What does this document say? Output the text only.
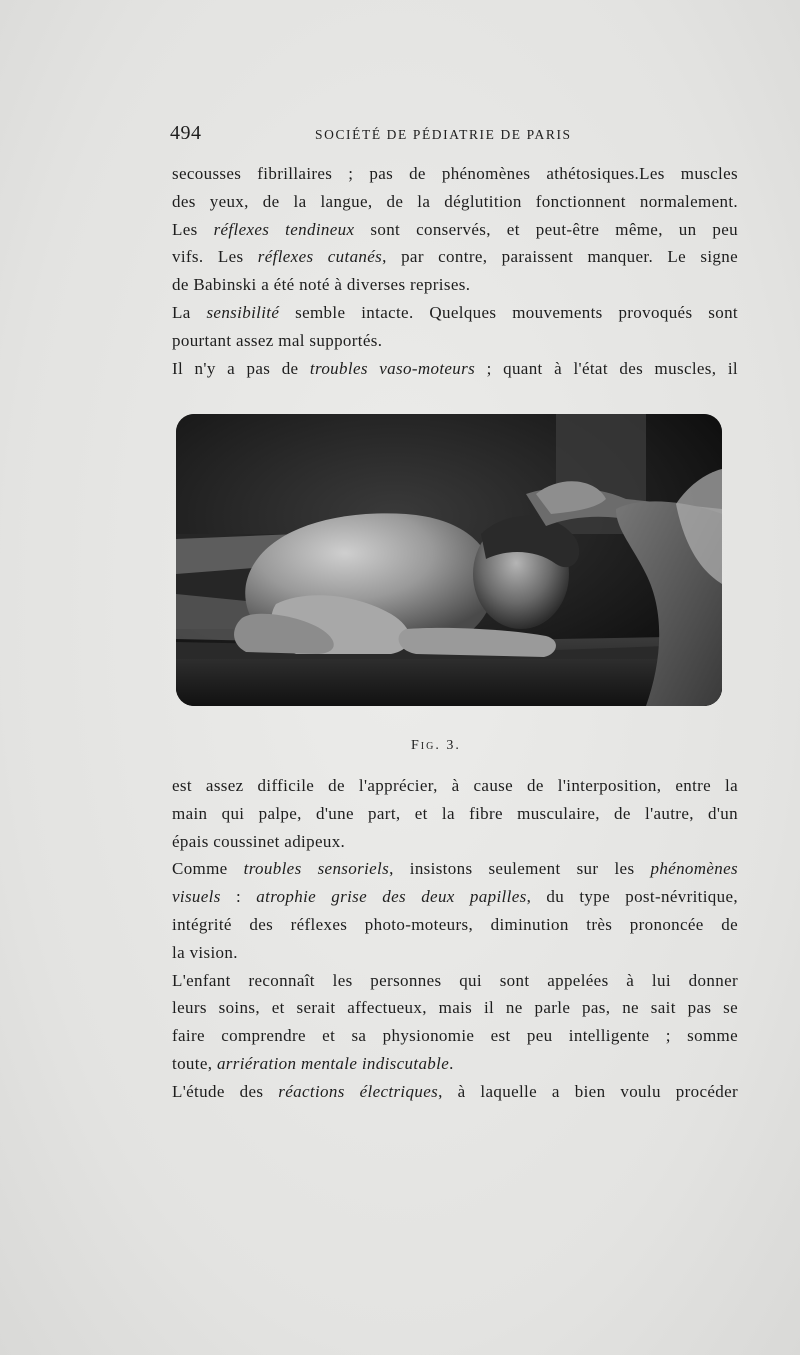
494	SOCIÉTÉ DE PÉDIATRIE DE PARIS
secousses fibrillaires ; pas de phénomènes athétosiques.Les muscles
des yeux, de la langue, de la déglutition fonctionnent normalement.
Les réflexes tendineux sont conservés, et peut-être même, un peu
vifs. Les réflexes cutanés, par contre, paraissent manquer. Le signe
de Babinski a été noté à diverses reprises.
La sensibilité semble intacte. Quelques mouvements provoqués sont
pourtant assez mal supportés.
Il n'y a pas de troubles vaso-moteurs ; quant à l'état des muscles, il
Fig. 3.
est assez difficile de l'apprécier, à cause de l'interposition, entre la
main qui palpe, d'une part, et la fibre musculaire, de l'autre, d'un
épais coussinet adipeux.
Comme troubles sensoriels, insistons seulement sur les phénomènes
visuels : atrophie grise des deux papilles, du type post-névritique,
intégrité des réflexes photo-moteurs, diminution très prononcée de
la vision.
L'enfant reconnaît les personnes qui sont appelées à lui donner
leurs soins, et serait affectueux, mais il ne parle pas, ne sait pas se
faire comprendre et sa physionomie est peu intelligente ; somme
toute, arriération mentale indiscutable.
L'étude des réactions électriques, à laquelle a bien voulu procéder
